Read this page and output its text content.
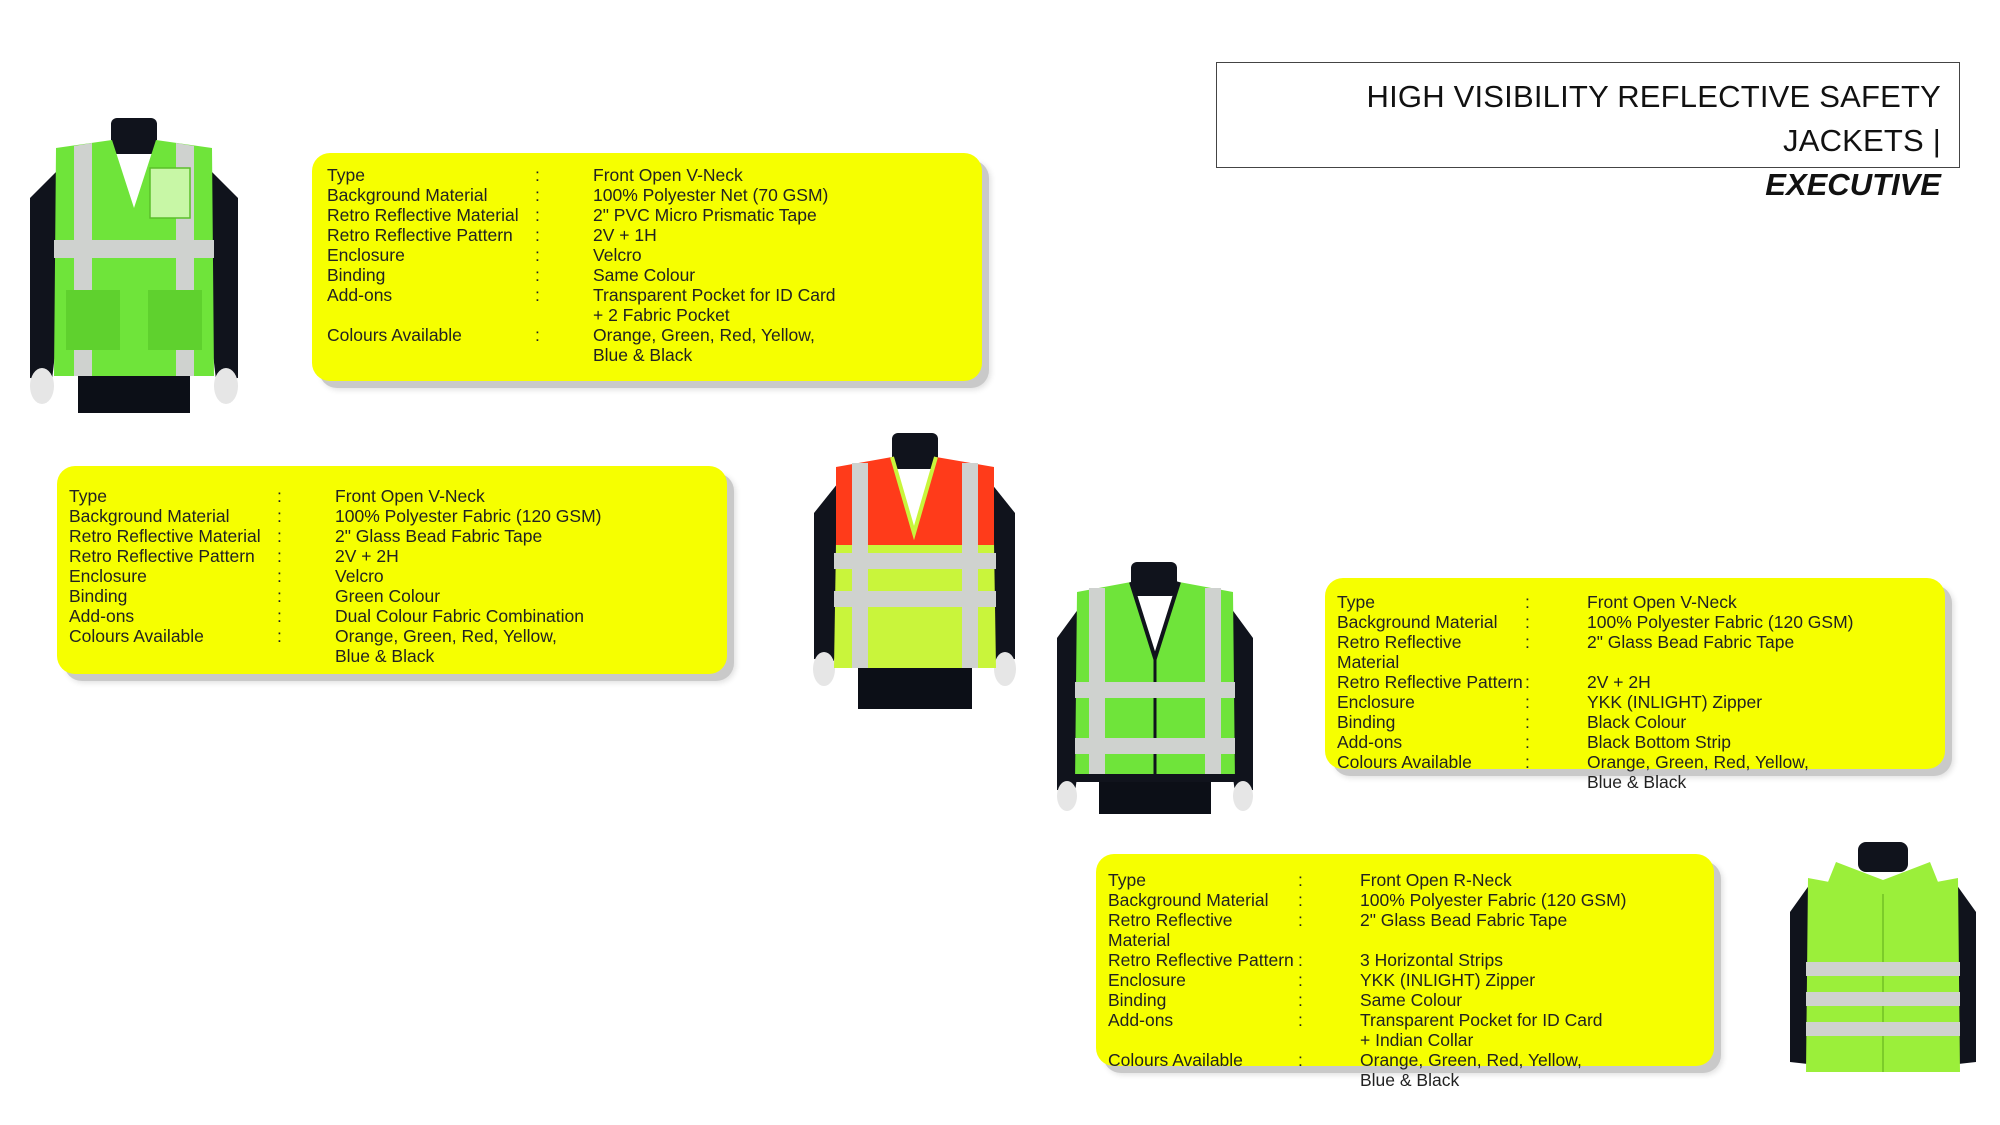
HIGH VISIBILITY REFLECTIVE SAFETY JACKETS |
EXECUTIVE
Type	:	Front Open V-Neck
Background Material	:	100% Polyester Net (70 GSM)
Retro Reflective Material :	2" PVC Micro Prismatic Tape
Retro Reflective Pattern	:	2V + 1H
Enclosure	:	Velcro
Binding	:	Same Colour
Add-ons	:	Transparent Pocket for ID Card
+ 2 Fabric Pocket
Colours Available	:	Orange, Green, Red, Yellow,
Blue & Black
Type	:	Front Open V-Neck
Background Material	:	100% Polyester Fabric (120 GSM)
Retro Reflective Material :	2" Glass Bead Fabric Tape
Retro Reflective Pattern	:	2V + 2H
Enclosure	:	Velcro
Binding	:	Green Colour
Add-ons	:	Dual Colour Fabric Combination
Colours Available	:	Orange, Green, Red, Yellow,
Blue & Black
Type	:	Front Open V-Neck
Background Material	:	100% Polyester Fabric (120 GSM)
Retro Reflective Material
:	2" Glass Bead Fabric Tape
Retro Reflective Pattern :	2V + 2H
Enclosure	:	YKK (INLIGHT) Zipper
Binding	:	Black Colour
Add-ons	:	Black Bottom Strip
Colours Available	:	Orange, Green, Red, Yellow,
Blue & Black
Type	:	Front Open R-Neck
Background Material	:	100% Polyester Fabric (120 GSM)
Retro Reflective Material
:	2" Glass Bead Fabric Tape
Retro Reflective Pattern :	3 Horizontal Strips
Enclosure	:	YKK (INLIGHT) Zipper
Binding	:	Same Colour
Add-ons	:	Transparent Pocket for ID Card
+ Indian Collar
Colours Available	:	Orange, Green, Red, Yellow,
Blue & Black
